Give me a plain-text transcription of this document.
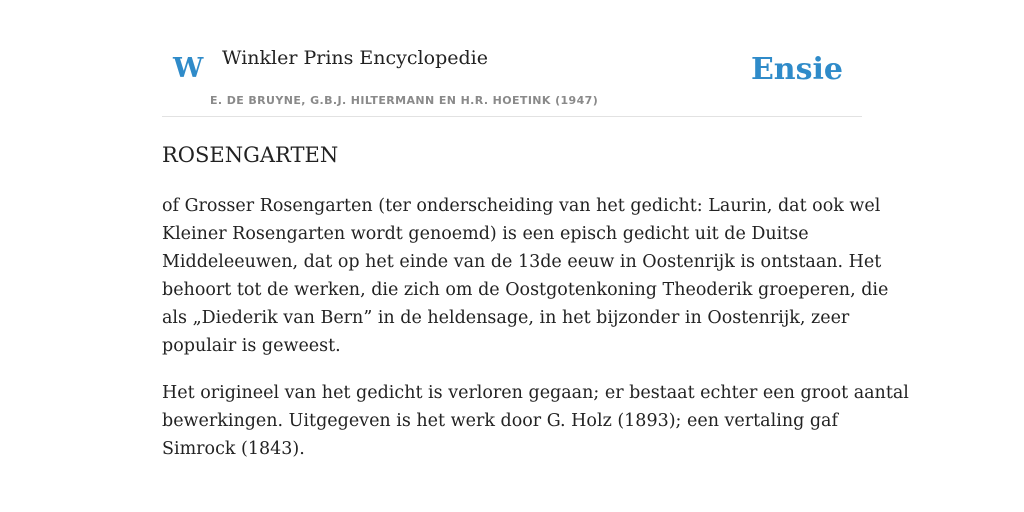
W Winkler Prins Encyclopedie
E. DE BRUYNE, G.B.J. HILTERMANN EN H.R. HOETINK (1947)
Ensie
ROSENGARTEN
of Grosser Rosengarten (ter onderscheiding van het gedicht: Laurin, dat ook wel
Kleiner Rosengarten wordt genoemd) is een episch gedicht uit de Duitse
Middeleeuwen, dat op het einde van de 13de eeuw in Oostenrijk is ontstaan. Het
behoort tot de werken, die zich om de Oostgotenkoning Theoderik groeperen, die
als „Diederik van Bern” in de heldensage, in het bijzonder in Oostenrijk, zeer
populair is geweest.
Het origineel van het gedicht is verloren gegaan; er bestaat echter een groot aantal
bewerkingen. Uitgegeven is het werk door G. Holz (1893); een vertaling gaf
Simrock (1843).
